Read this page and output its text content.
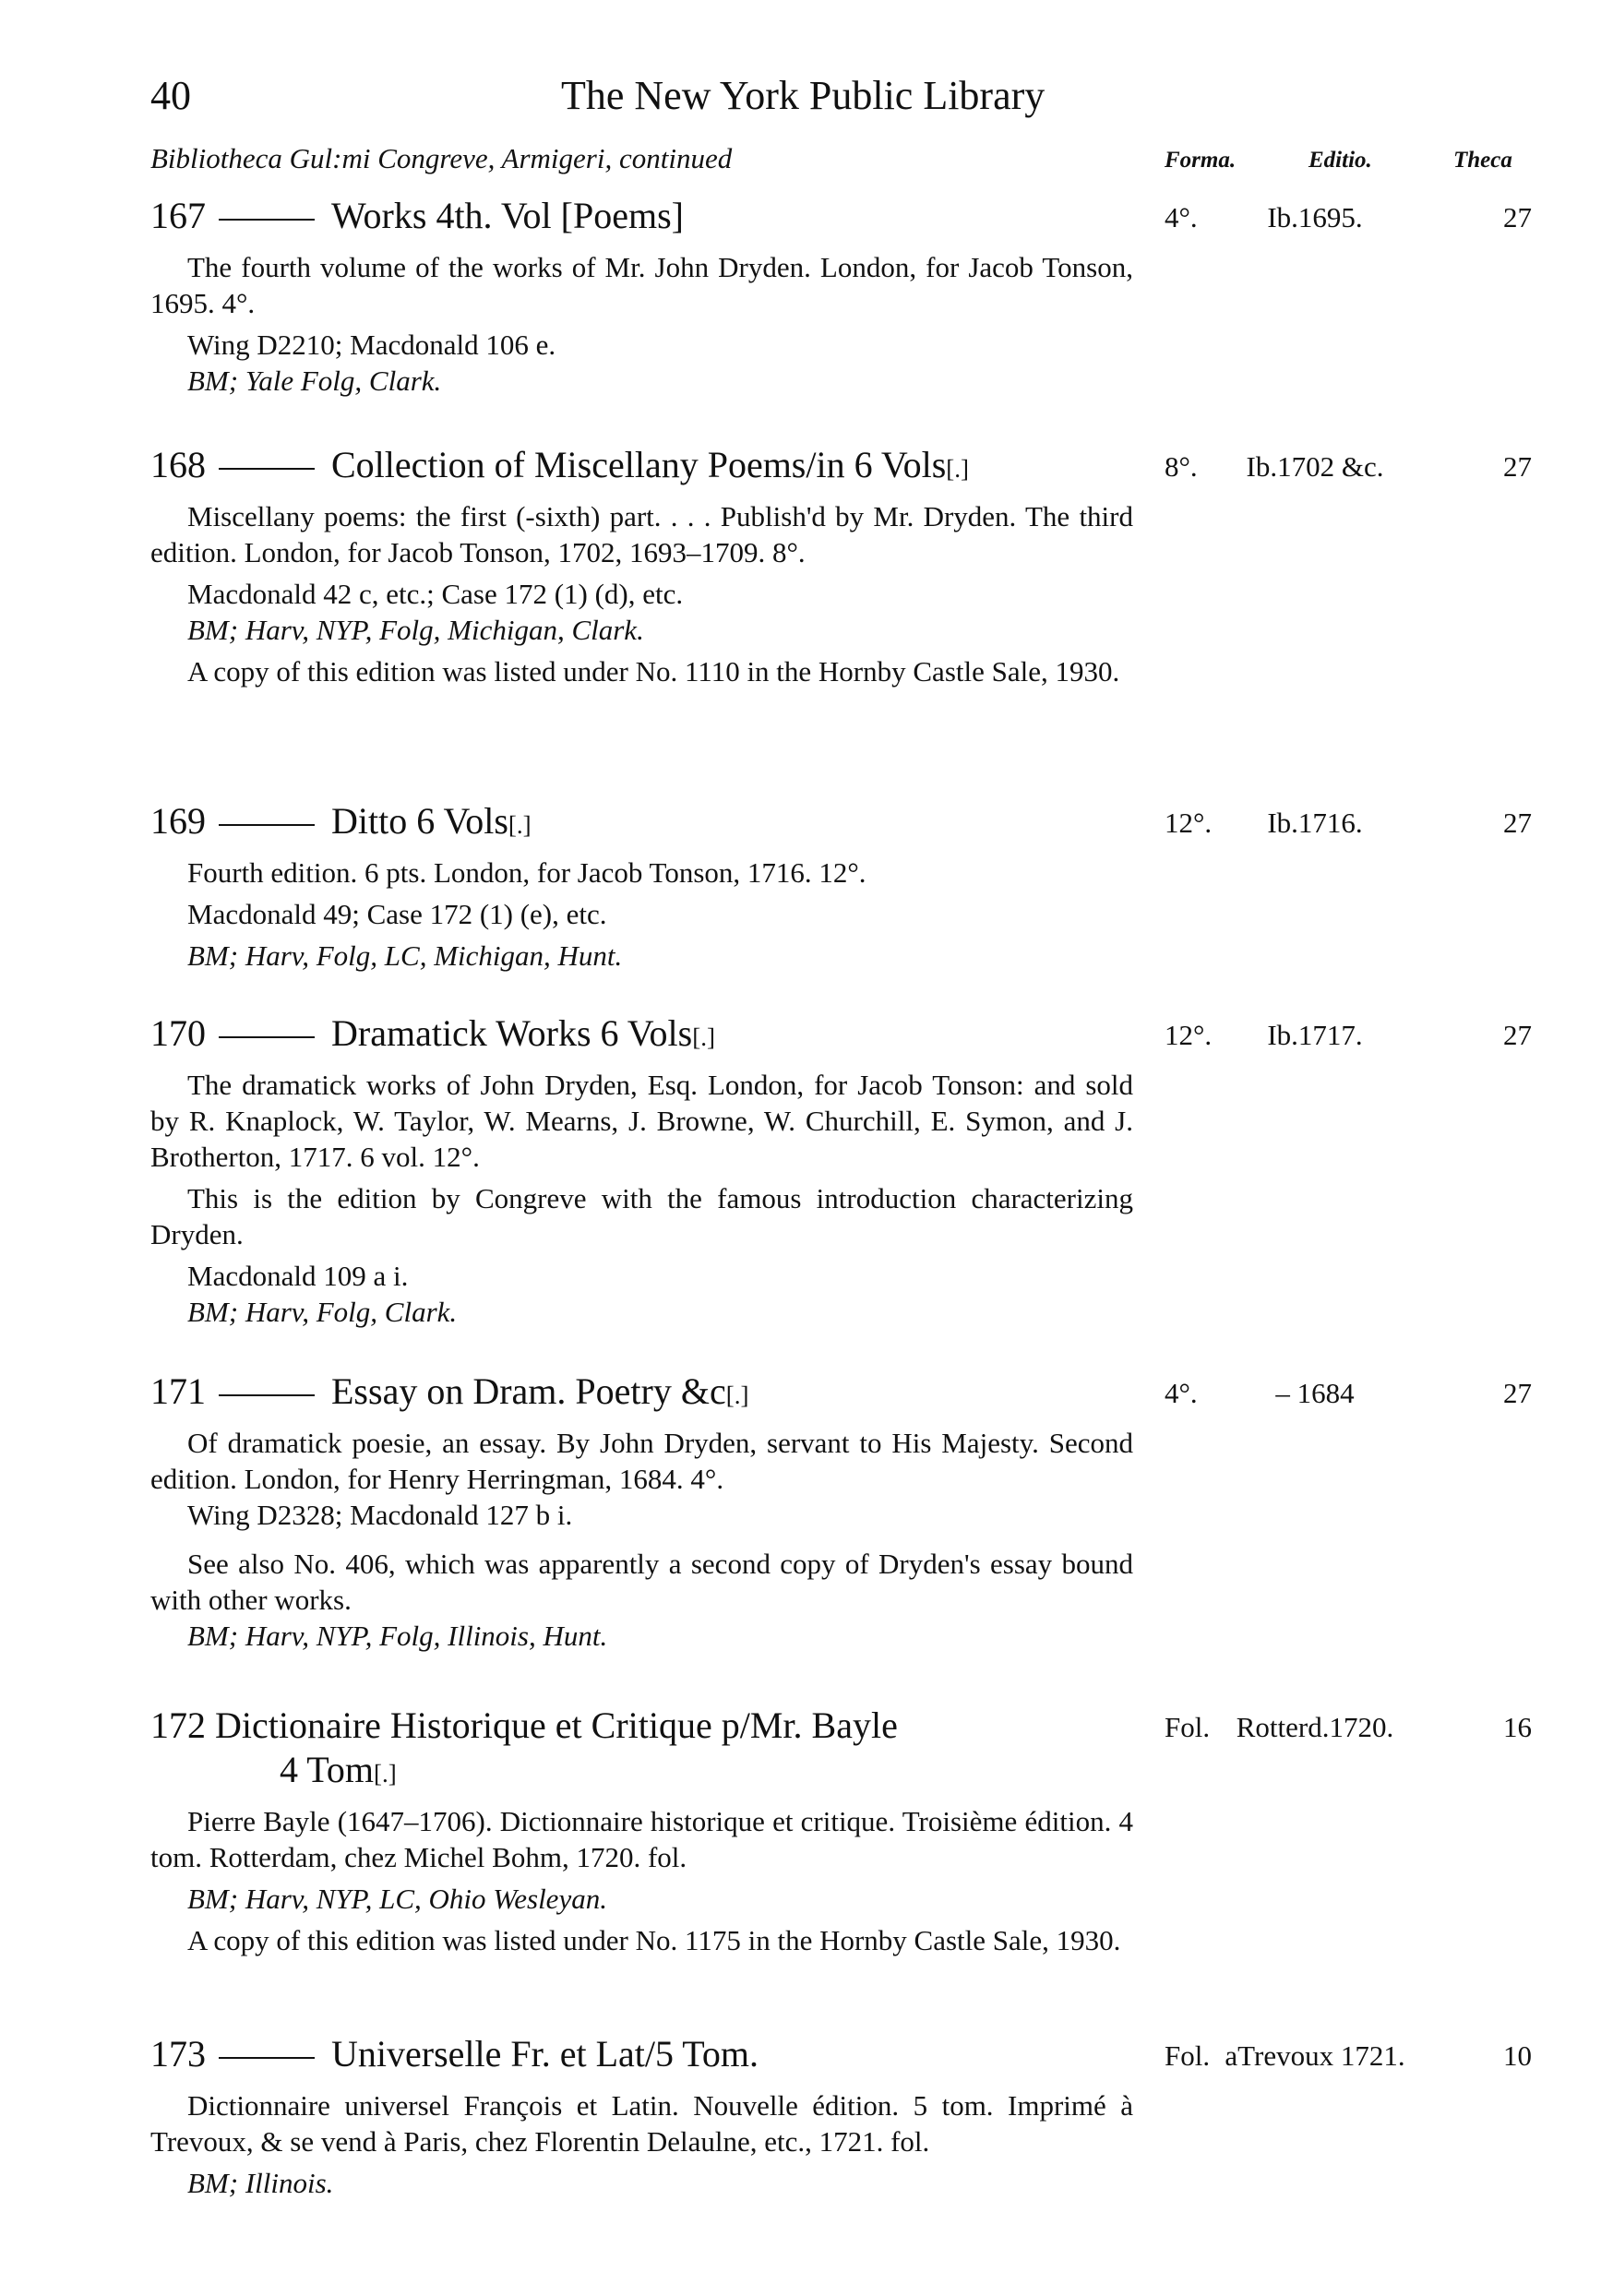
40	The New York Public Library
Bibliotheca Gul:mi Congreve, Armigeri, continued	Forma.	Editio.	Theca
167	Works 4th. Vol [Poems]	4°.	Ib.1695.	27

The fourth volume of the works of Mr. John Dryden. London, for Jacob Tonson, 1695. 4°.

Wing D2210; Macdonald 106 e.

BM; Yale Folg, Clark.

168	Collection of Miscellany Poems/in 6 Vols[.]	8°.	Ib.1702 &c.	27

Miscellany poems: the first (-sixth) part. . . . Publish'd by Mr. Dryden. The third edition. London, for Jacob Tonson, 1702, 1693–1709. 8°.

Macdonald 42 c, etc.; Case 172 (1) (d), etc.

BM; Harv, NYP, Folg, Michigan, Clark.

A copy of this edition was listed under No. 1110 in the Hornby Castle Sale, 1930.

169	Ditto 6 Vols[.]	12°.	Ib.1716.	27

Fourth edition. 6 pts. London, for Jacob Tonson, 1716. 12°.

Macdonald 49; Case 172 (1) (e), etc.

BM; Harv, Folg, LC, Michigan, Hunt.

170	Dramatick Works 6 Vols[.]	12°.	Ib.1717.	27

The dramatick works of John Dryden, Esq. London, for Jacob Tonson: and sold by R. Knaplock, W. Taylor, W. Mearns, J. Browne, W. Churchill, E. Symon, and J. Brotherton, 1717. 6 vol. 12°.

This is the edition by Congreve with the famous introduction characterizing Dryden.

Macdonald 109 a i.

BM; Harv, Folg, Clark.

171	Essay on Dram. Poetry &c[.]	4°.	– 1684	27

Of dramatick poesie, an essay. By John Dryden, servant to His Majesty. Second edition. London, for Henry Herringman, 1684. 4°.

Wing D2328; Macdonald 127 b i.

See also No. 406, which was apparently a second copy of Dryden's essay bound with other works.

BM; Harv, NYP, Folg, Illinois, Hunt.

172 Dictionaire Historique et Critique p/Mr. Bayle
4 Tom[.]
Fol. Rotterd.1720.	16

Pierre Bayle (1647–1706). Dictionnaire historique et critique. Troisième édition. 4 tom. Rotterdam, chez Michel Bohm, 1720. fol.

BM; Harv, NYP, LC, Ohio Wesleyan.

A copy of this edition was listed under No. 1175 in the Hornby Castle Sale, 1930.

173	Universelle Fr. et Lat/5 Tom.	Fol. aTrevoux 1721.	10

Dictionnaire universel François et Latin. Nouvelle édition. 5 tom. Imprimé à Trevoux, & se vend à Paris, chez Florentin Delaulne, etc., 1721. fol.

BM; Illinois.
